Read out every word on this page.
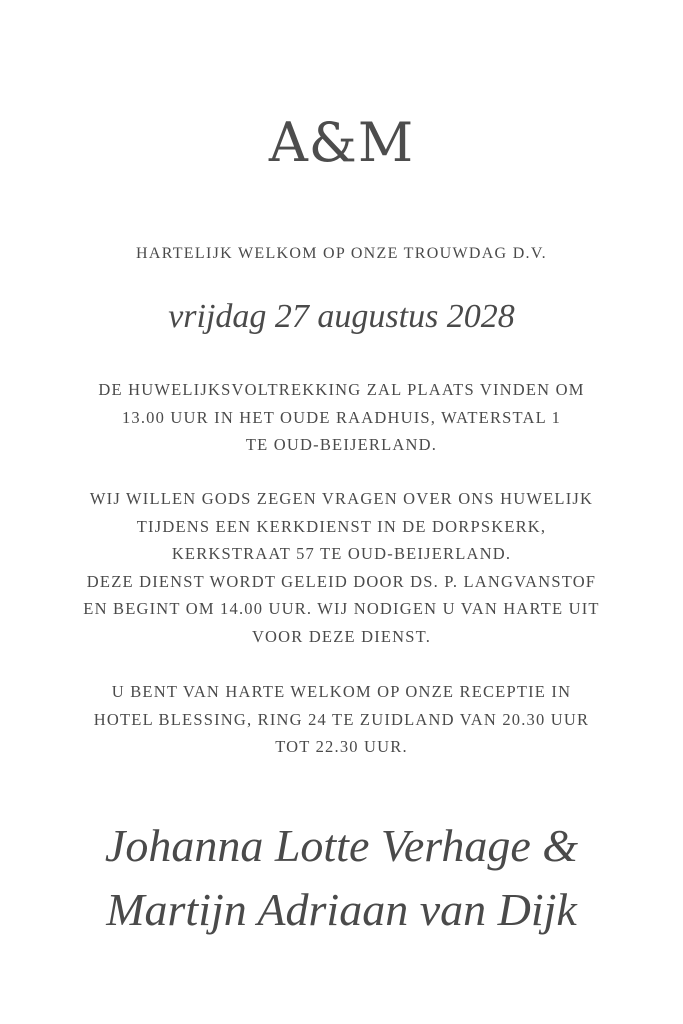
A&M
HARTELIJK WELKOM OP ONZE TROUWDAG D.V.
vrijdag 27 augustus 2028
DE HUWELIJKSVOLTREKKING ZAL PLAATS VINDEN OM
13.00 UUR IN HET OUDE RAADHUIS, WATERSTAL 1
TE OUD-BEIJERLAND.
WIJ WILLEN GODS ZEGEN VRAGEN OVER ONS HUWELIJK
TIJDENS EEN KERKDIENST IN DE DORPSKERK,
KERKSTRAAT 57 TE OUD-BEIJERLAND.
DEZE DIENST WORDT GELEID DOOR DS. P. LANGVANSTOF
EN BEGINT OM 14.00 UUR. WIJ NODIGEN U VAN HARTE UIT
VOOR DEZE DIENST.
U BENT VAN HARTE WELKOM OP ONZE RECEPTIE IN
HOTEL BLESSING, RING 24 TE ZUIDLAND VAN 20.30 UUR
TOT 22.30 UUR.
Johanna Lotte Verhage &
Martijn Adriaan van Dijk
